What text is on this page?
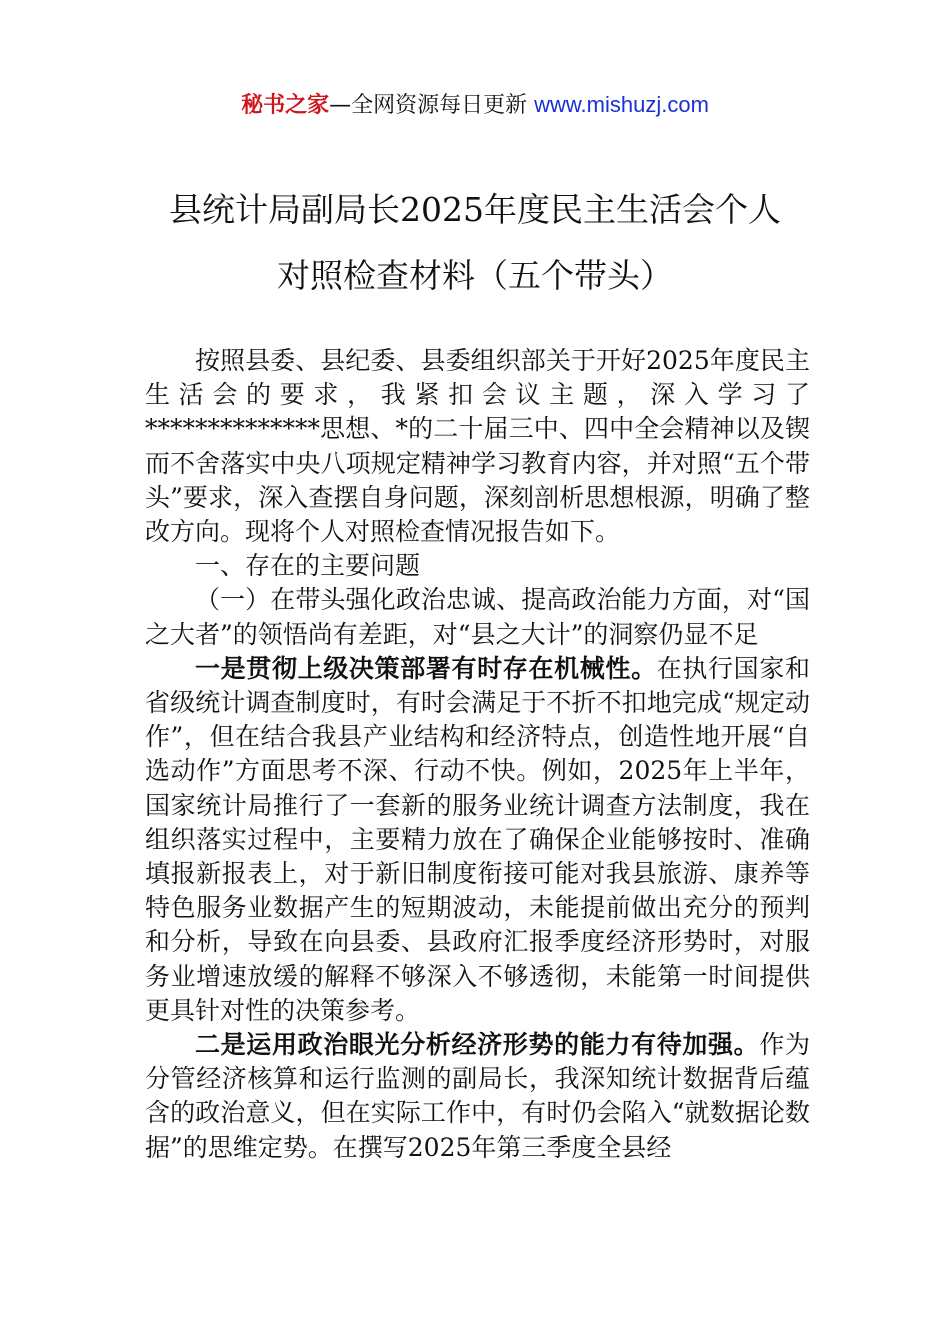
秘书之家—全网资源每日更新 www.mishuzj.com
县统计局副局长2025年度民主生活会个人
对照检查材料（五个带头）

按照县委、县纪委、县委组织部关于开好2025年度民主生活会的要求，我紧扣会议主题，深入学习了**************思想、*的二十届三中、四中全会精神以及锲而不舍落实中央八项规定精神学习教育内容，并对照“五个带头”要求，深入查摆自身问题，深刻剖析思想根源，明确了整改方向。现将个人对照检查情况报告如下。

一、存在的主要问题

（一）在带头强化政治忠诚、提高政治能力方面，对“国之大者”的领悟尚有差距，对“县之大计”的洞察仍显不足

一是贯彻上级决策部署有时存在机械性。在执行国家和省级统计调查制度时，有时会满足于不折不扣地完成“规定动作”，但在结合我县产业结构和经济特点，创造性地开展“自选动作”方面思考不深、行动不快。例如，2025年上半年，国家统计局推行了一套新的服务业统计调查方法制度，我在组织落实过程中，主要精力放在了确保企业能够按时、准确填报新报表上，对于新旧制度衔接可能对我县旅游、康养等特色服务业数据产生的短期波动，未能提前做出充分的预判和分析，导致在向县委、县政府汇报季度经济形势时，对服务业增速放缓的解释不够深入不够透彻，未能第一时间提供更具针对性的决策参考。

二是运用政治眼光分析经济形势的能力有待加强。作为分管经济核算和运行监测的副局长，我深知统计数据背后蕴含的政治意义，但在实际工作中，有时仍会陷入“就数据论数据”的思维定势。在撰写2025年第三季度全县经
